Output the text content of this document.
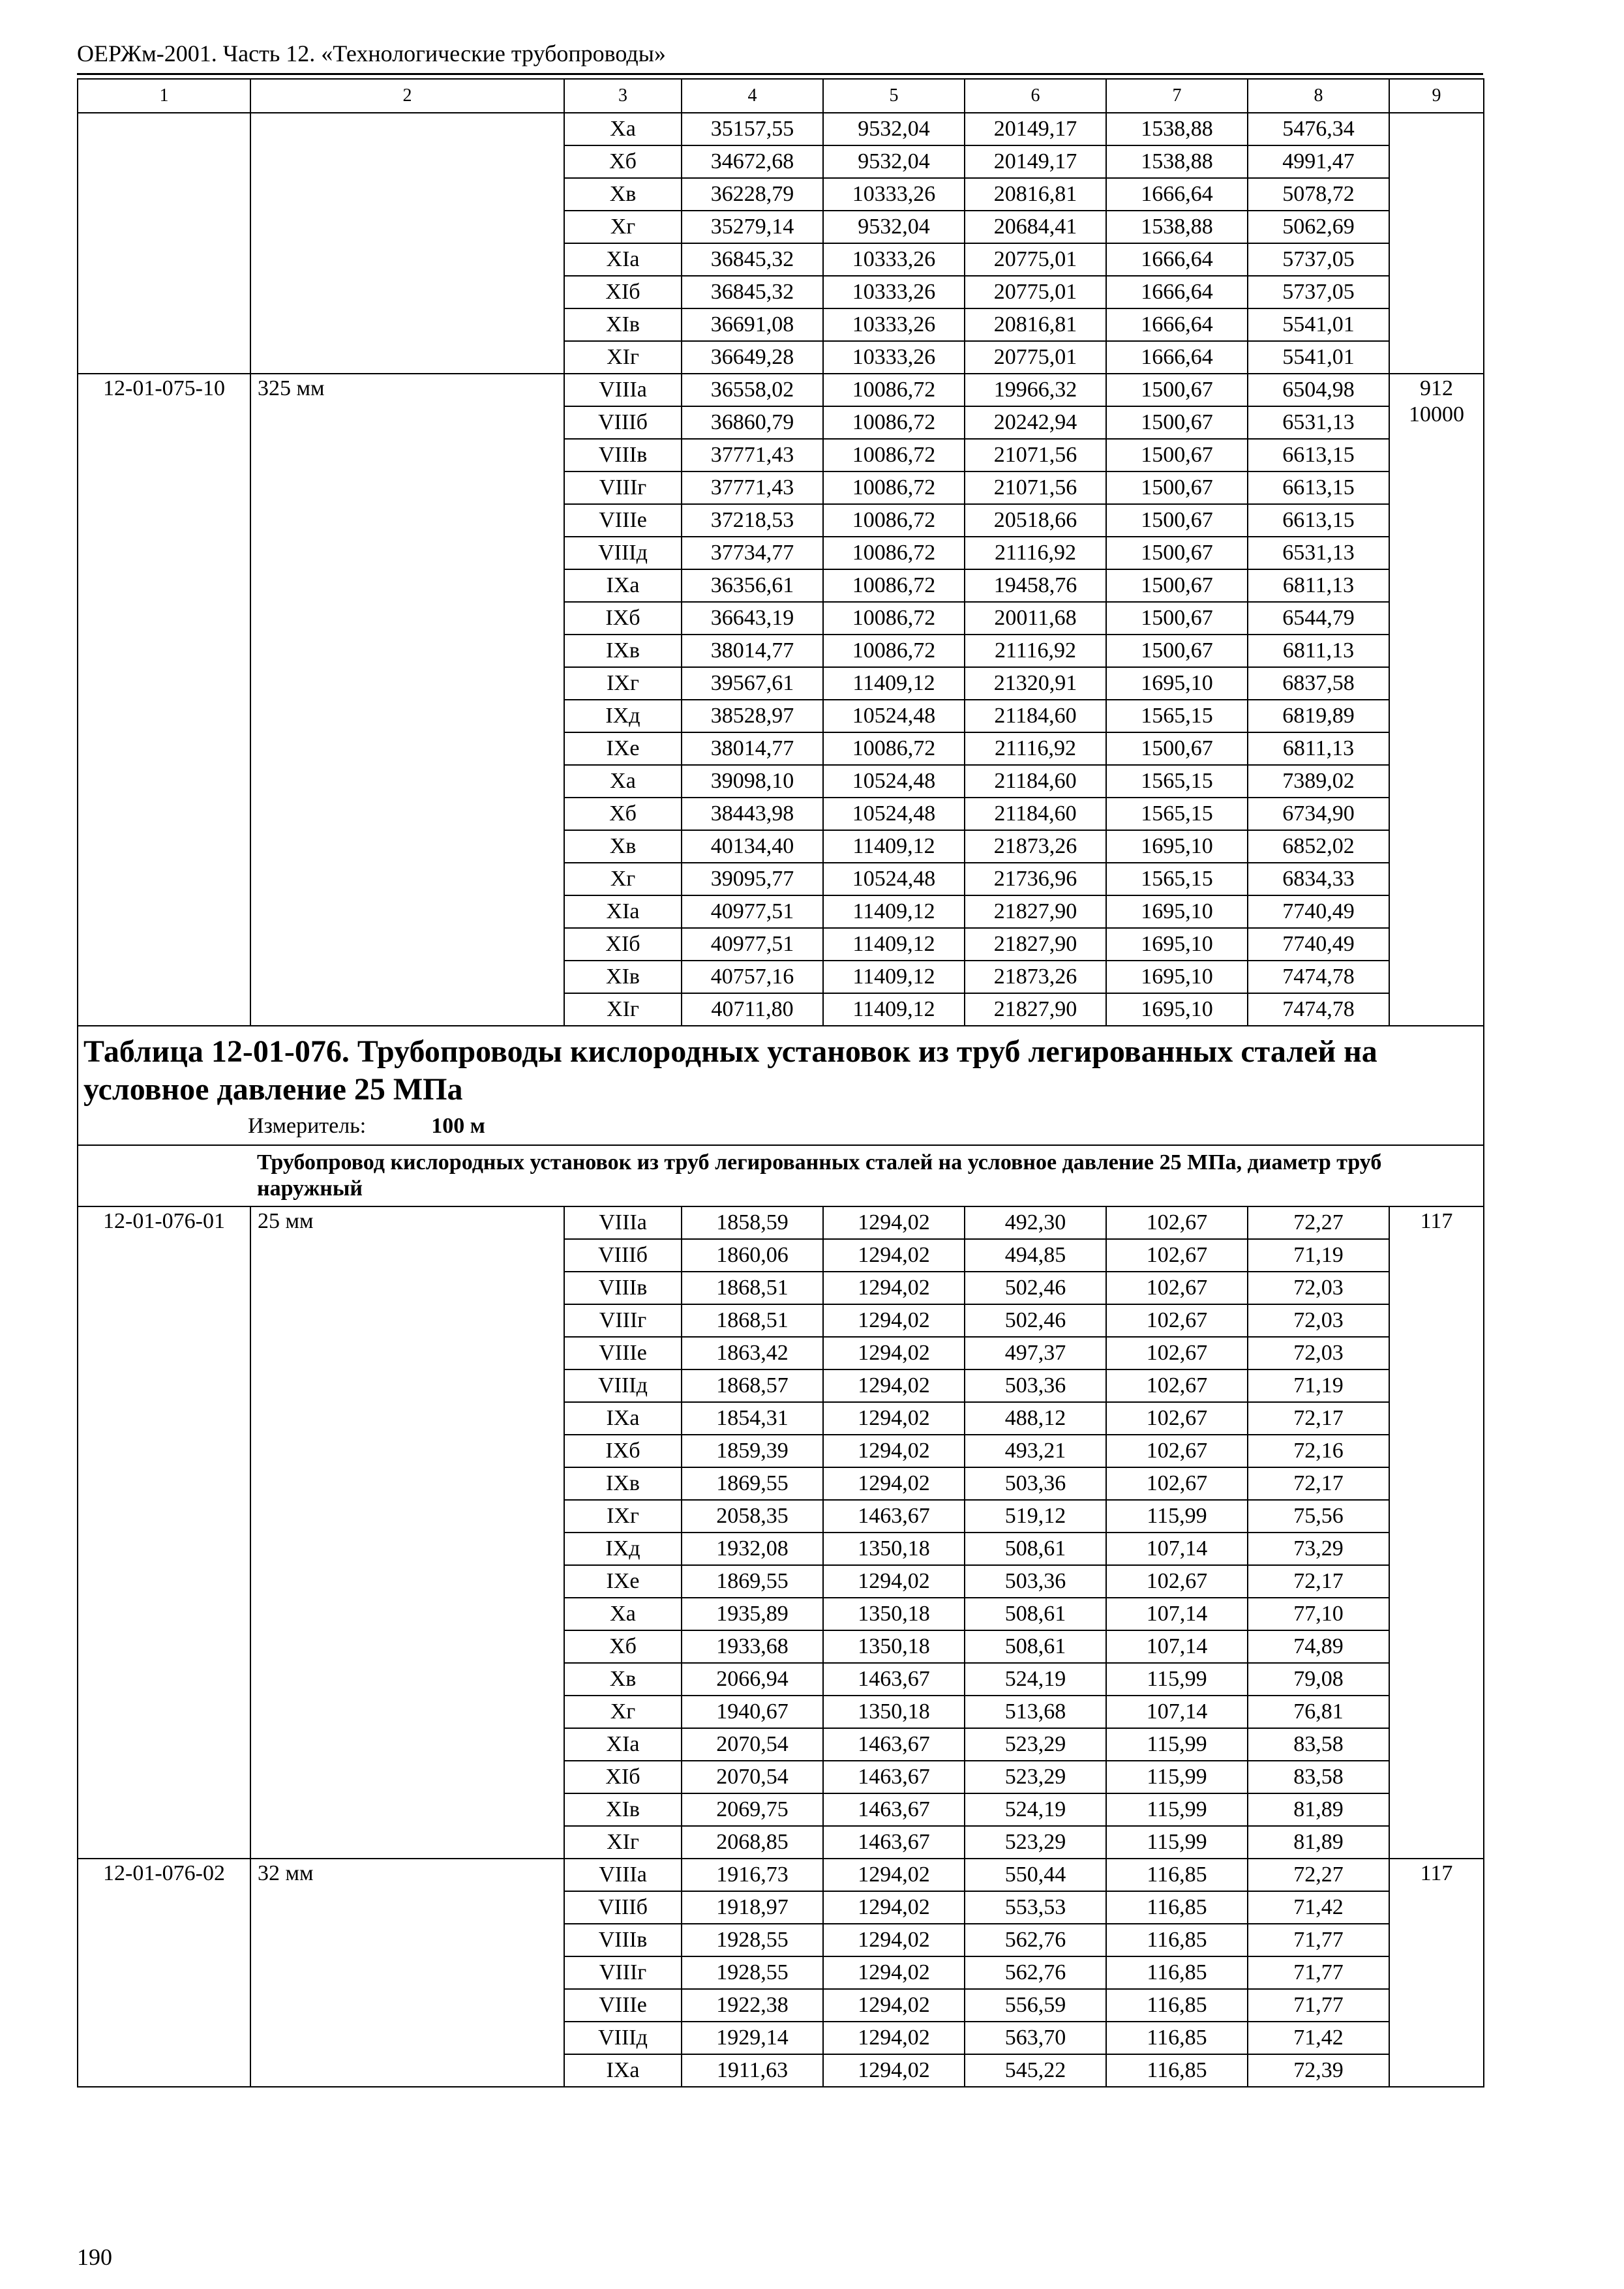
ОЕРЖм-2001. Часть 12. «Технологические трубопроводы»
1	2	3	4	5	6	7	8	9
		Xa	35157,55	9532,04	20149,17	1538,88	5476,34	
		Xб	34672,68	9532,04	20149,17	1538,88	4991,47	
		Xв	36228,79	10333,26	20816,81	1666,64	5078,72	
		Xг	35279,14	9532,04	20684,41	1538,88	5062,69	
		XIa	36845,32	10333,26	20775,01	1666,64	5737,05	
		XIб	36845,32	10333,26	20775,01	1666,64	5737,05	
		XIв	36691,08	10333,26	20816,81	1666,64	5541,01	
		XIг	36649,28	10333,26	20775,01	1666,64	5541,01	
12-01-075-10	325 мм	VIIIa	36558,02	10086,72	19966,32	1500,67	6504,98	912
10000

		VIIIб	36860,79	10086,72	20242,94	1500,67	6531,13	
		VIIIв	37771,43	10086,72	21071,56	1500,67	6613,15	
		VIIIг	37771,43	10086,72	21071,56	1500,67	6613,15	
		VIIIe	37218,53	10086,72	20518,66	1500,67	6613,15	
		VIIIд	37734,77	10086,72	21116,92	1500,67	6531,13	
		IXa	36356,61	10086,72	19458,76	1500,67	6811,13	
		IXб	36643,19	10086,72	20011,68	1500,67	6544,79	
		IXв	38014,77	10086,72	21116,92	1500,67	6811,13	
		IXг	39567,61	11409,12	21320,91	1695,10	6837,58	
		IXд	38528,97	10524,48	21184,60	1565,15	6819,89	
		IXe	38014,77	10086,72	21116,92	1500,67	6811,13	
		Xa	39098,10	10524,48	21184,60	1565,15	7389,02	
		Xб	38443,98	10524,48	21184,60	1565,15	6734,90	
		Xв	40134,40	11409,12	21873,26	1695,10	6852,02	
		Xг	39095,77	10524,48	21736,96	1565,15	6834,33	
		XIa	40977,51	11409,12	21827,90	1695,10	7740,49	
		XIб	40977,51	11409,12	21827,90	1695,10	7740,49	
		XIв	40757,16	11409,12	21873,26	1695,10	7474,78	
		XIг	40711,80	11409,12	21827,90	1695,10	7474,78	
Таблица 12-01-076. Трубопроводы кислородных установок из труб легированных сталей на условное давление 25 МПа								
Измеритель: 100 м								
	Трубопровод кислородных установок из труб легированных сталей на условное давление 25 МПа, диаметр труб наружный							
12-01-076-01	25 мм	VIIIa	1858,59	1294,02	492,30	102,67	72,27	117

		VIIIб	1860,06	1294,02	494,85	102,67	71,19	
		VIIIв	1868,51	1294,02	502,46	102,67	72,03	
		VIIIг	1868,51	1294,02	502,46	102,67	72,03	
		VIIIe	1863,42	1294,02	497,37	102,67	72,03	
		VIIIд	1868,57	1294,02	503,36	102,67	71,19	
		IXa	1854,31	1294,02	488,12	102,67	72,17	
		IXб	1859,39	1294,02	493,21	102,67	72,16	
		IXв	1869,55	1294,02	503,36	102,67	72,17	
		IXг	2058,35	1463,67	519,12	115,99	75,56	
		IXд	1932,08	1350,18	508,61	107,14	73,29	
		IXe	1869,55	1294,02	503,36	102,67	72,17	
		Xa	1935,89	1350,18	508,61	107,14	77,10	
		Xб	1933,68	1350,18	508,61	107,14	74,89	
		Xв	2066,94	1463,67	524,19	115,99	79,08	
		Xг	1940,67	1350,18	513,68	107,14	76,81	
		XIa	2070,54	1463,67	523,29	115,99	83,58	
		XIб	2070,54	1463,67	523,29	115,99	83,58	
		XIв	2069,75	1463,67	524,19	115,99	81,89	
		XIг	2068,85	1463,67	523,29	115,99	81,89	
12-01-076-02	32 мм	VIIIa	1916,73	1294,02	550,44	116,85	72,27	117

		VIIIб	1918,97	1294,02	553,53	116,85	71,42	
		VIIIв	1928,55	1294,02	562,76	116,85	71,77	
		VIIIг	1928,55	1294,02	562,76	116,85	71,77	
		VIIIe	1922,38	1294,02	556,59	116,85	71,77	
		VIIIд	1929,14	1294,02	563,70	116,85	71,42	
		IXa	1911,63	1294,02	545,22	116,85	72,39	
190
